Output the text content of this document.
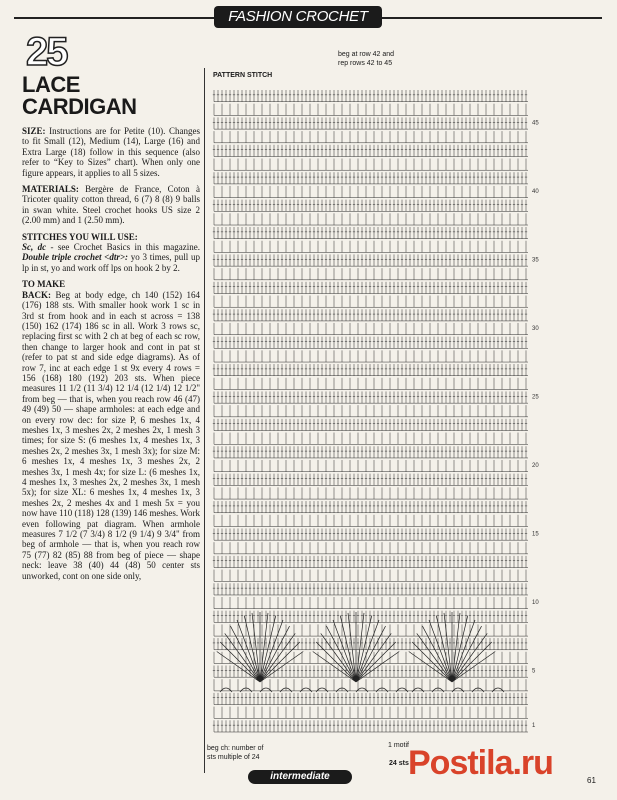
FASHION CROCHET
25
LACE
CARDIGAN

SIZE: Instructions are for Petite (10). Changes to fit Small (12), Medium (14), Large (16) and Extra Large (18) follow in this sequence (also refer to “Key to Sizes” chart). When only one figure appears, it applies to all 5 sizes.

MATERIALS: Bergère de France, Coton à Tricoter quality cotton thread, 6 (7) 8 (8) 9 balls in swan white. Steel crochet hooks US size 2 (2.00 mm) and 1 (2.50 mm).

STITCHES YOU WILL USE:
Sc, dc - see Crochet Basics in this magazine. Double triple crochet <dtr>: yo 3 times, pull up lp in st, yo and work off lps on hook 2 by 2.

TO MAKE
BACK: Beg at body edge, ch 140 (152) 164 (176) 188 sts. With smaller hook work 1 sc in 3rd st from hook and in each st across = 138 (150) 162 (174) 186 sc in all. Work 3 rows sc, replacing first sc with 2 ch at beg of each sc row, then change to larger hook and cont in pat st (refer to pat st and side edge diagrams). As of row 7, inc at each edge 1 st 9x every 4 rows = 156 (168) 180 (192) 203 sts. When piece measures 11 1/2 (11 3/4) 12 1/4 (12 1/4) 12 1/2" from beg — that is, when you reach row 46 (47) 49 (49) 50 — shape armholes: at each edge and on every row dec: for size P, 6 meshes 1x, 4 meshes 1x, 3 meshes 2x, 2 meshes 2x, 1 mesh 3 times; for size S: (6 meshes 1x, 4 meshes 1x, 3 meshes 2x, 2 meshes 3x, 1 mesh 3x); for size M: 6 meshes 1x, 4 meshes 1x, 3 meshes 2x, 2 meshes 3x, 1 mesh 4x; for size L: (6 meshes 1x, 4 meshes 1x, 3 meshes 2x, 2 meshes 3x, 1 mesh 5x); for size XL: 6 meshes 1x, 4 meshes 1x, 3 meshes 2x, 2 meshes 4x and 1 mesh 5x = you now have 110 (118) 128 (139) 146 meshes. Work even following pat diagram. When armhole measures 7 1/2 (7 3/4) 8 1/2 (9 1/4) 9 3/4" from beg of armhole — that is, when you reach row 75 (77) 82 (85) 88 from beg of piece — shape neck: leave 38 (40) 44 (48) 50 center sts unworked, cont on one side only,

beg at row 42 and
rep rows 42 to 45
PATTERN STITCH
45
40
35
30
25
20
15
10
5
1
beg ch: number of
sts multiple of 24
1 motif
24 sts
intermediate	Postila.ru	61
